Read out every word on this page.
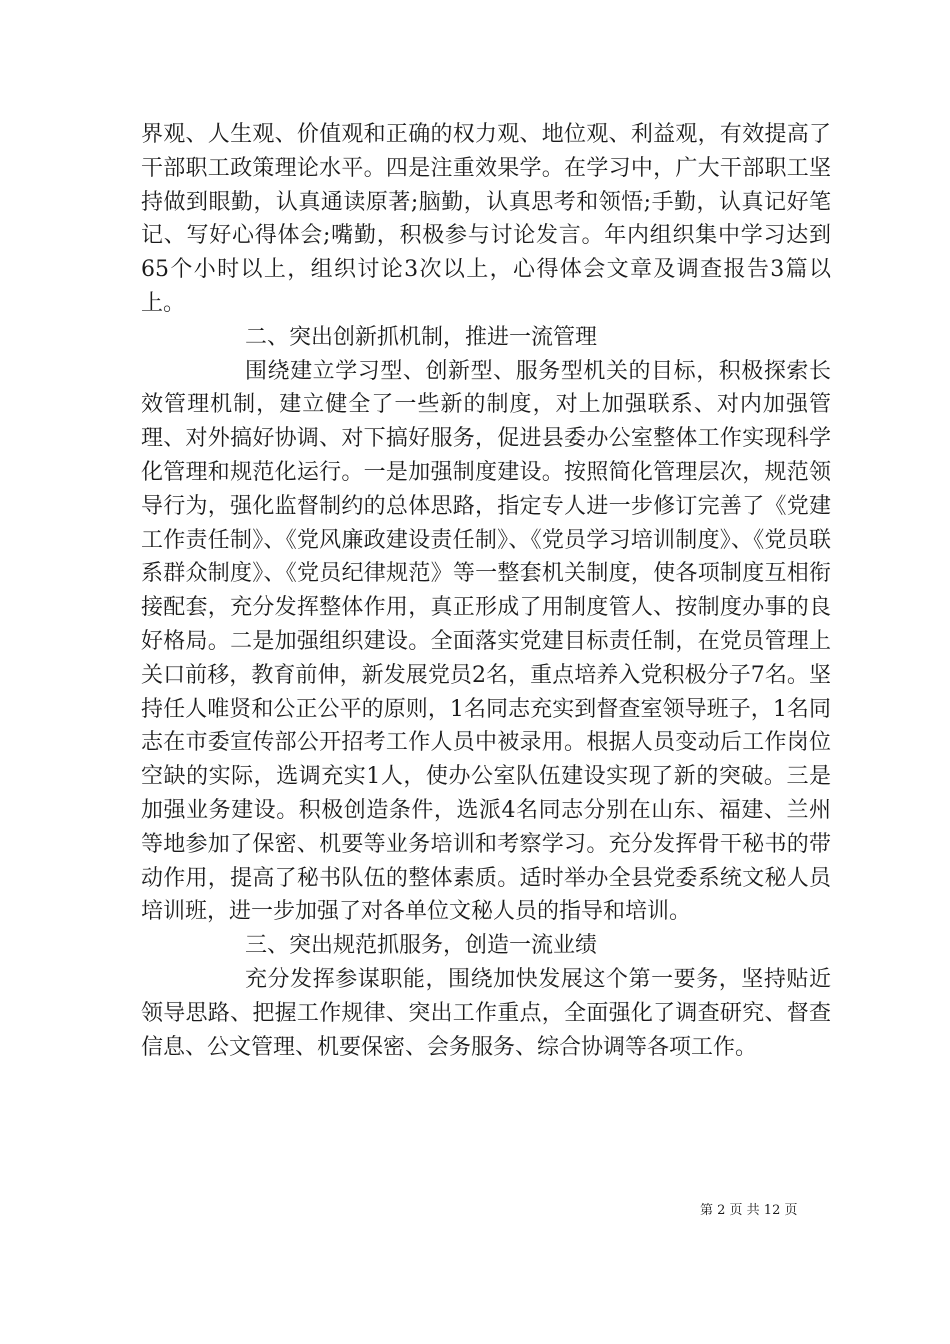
界观、人生观、价值观和正确的权力观、地位观、利益观，有效提高了干部职工政策理论水平。四是注重效果学。在学习中，广大干部职工坚持做到眼勤，认真通读原著;脑勤，认真思考和领悟;手勤，认真记好笔记、写好心得体会;嘴勤，积极参与讨论发言。年内组织集中学习达到65个小时以上，组织讨论3次以上，心得体会文章及调查报告3篇以上。

二、突出创新抓机制，推进一流管理

围绕建立学习型、创新型、服务型机关的目标，积极探索长效管理机制，建立健全了一些新的制度，对上加强联系、对内加强管理、对外搞好协调、对下搞好服务，促进县委办公室整体工作实现科学化管理和规范化运行。一是加强制度建设。按照简化管理层次，规范领导行为，强化监督制约的总体思路，指定专人进一步修订完善了《党建工作责任制》、《党风廉政建设责任制》、《党员学习培训制度》、《党员联系群众制度》、《党员纪律规范》等一整套机关制度，使各项制度互相衔接配套，充分发挥整体作用，真正形成了用制度管人、按制度办事的良好格局。二是加强组织建设。全面落实党建目标责任制，在党员管理上关口前移，教育前伸，新发展党员2名，重点培养入党积极分子7名。坚持任人唯贤和公正公平的原则，1名同志充实到督查室领导班子，1名同志在市委宣传部公开招考工作人员中被录用。根据人员变动后工作岗位空缺的实际，选调充实1人，使办公室队伍建设实现了新的突破。三是加强业务建设。积极创造条件，选派4名同志分别在山东、福建、兰州等地参加了保密、机要等业务培训和考察学习。充分发挥骨干秘书的带动作用，提高了秘书队伍的整体素质。适时举办全县党委系统文秘人员培训班，进一步加强了对各单位文秘人员的指导和培训。

三、突出规范抓服务，创造一流业绩

充分发挥参谋职能，围绕加快发展这个第一要务，坚持贴近领导思路、把握工作规律、突出工作重点，全面强化了调查研究、督查信息、公文管理、机要保密、会务服务、综合协调等各项工作。

第 2 页 共 12 页
